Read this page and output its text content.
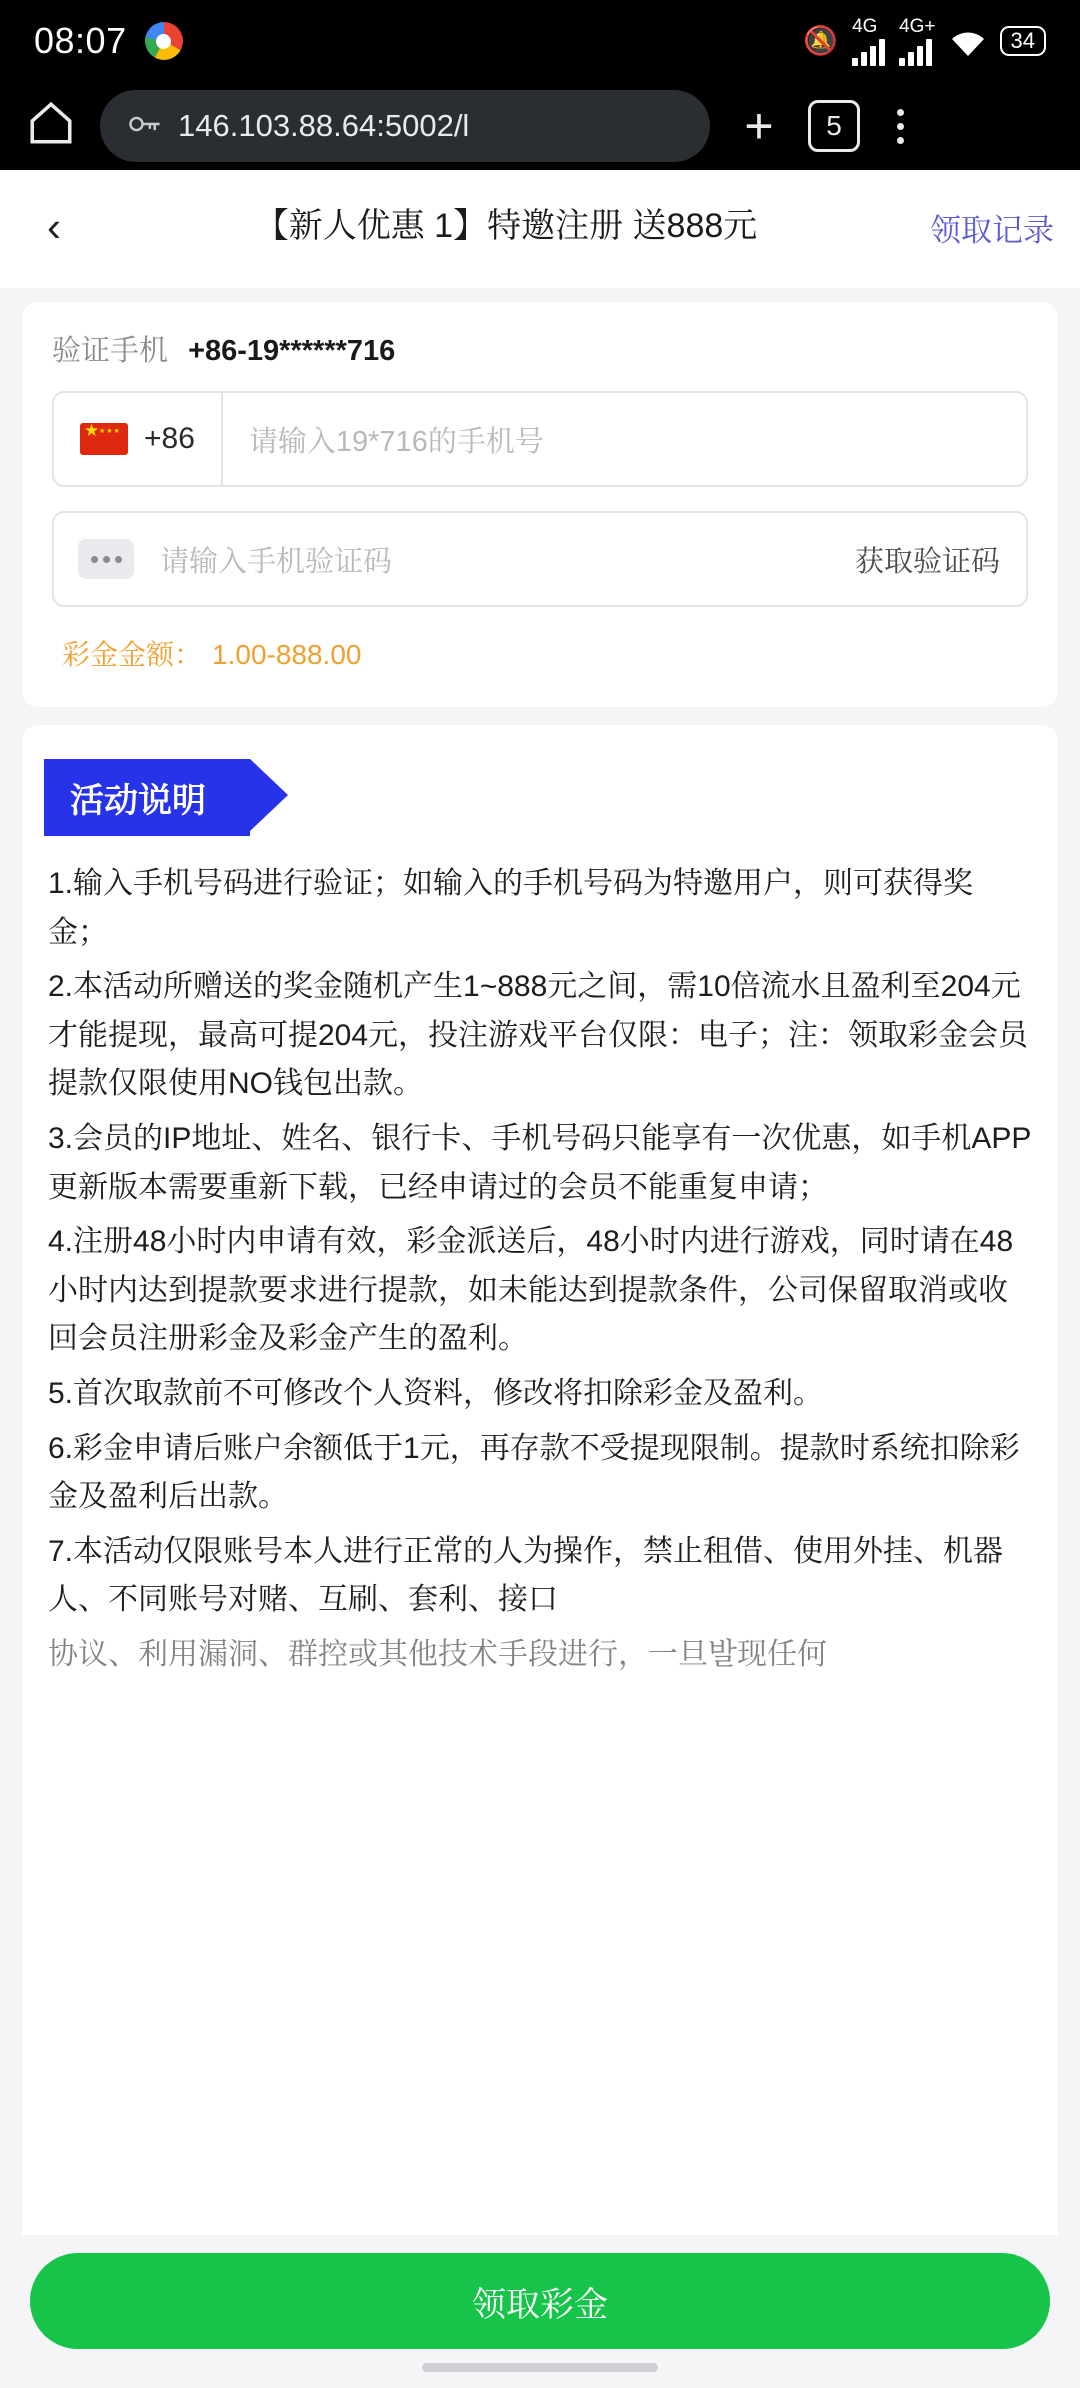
08:07	🔕 4G 4G+
34
146.103.88.64:5002/l	+	5
‹	【新人优惠 1】特邀注册 送888元	领取记录
验证手机 +86-19******716
★ ★★★
+86	请输入19*716的手机号
请输入手机验证码	获取验证码
彩金金额： 1.00-888.00
活动说明

1.输入手机号码进行验证；如输入的手机号码为特邀用户，则可获得奖金；

2.本活动所赠送的奖金随机产生1~888元之间，需10倍流水且盈利至204元才能提现，最高可提204元，投注游戏平台仅限：电子；注：领取彩金会员提款仅限使用NO钱包出款。

3.会员的IP地址、姓名、银行卡、手机号码只能享有一次优惠，如手机APP更新版本需要重新下载，已经申请过的会员不能重复申请；

4.注册48小时内申请有效，彩金派送后，48小时内进行游戏，同时请在48小时内达到提款要求进行提款，如未能达到提款条件，公司保留取消或收回会员注册彩金及彩金产生的盈利。

5.首次取款前不可修改个人资料，修改将扣除彩金及盈利。

6.彩金申请后账户余额低于1元，再存款不受提现限制。提款时系统扣除彩金及盈利后出款。

7.本活动仅限账号本人进行正常的人为操作，禁止租借、使用外挂、机器人、不同账号对赌、互刷、套利、接口

协议、利用漏洞、群控或其他技术手段进行，一旦발现任何

领取彩金
